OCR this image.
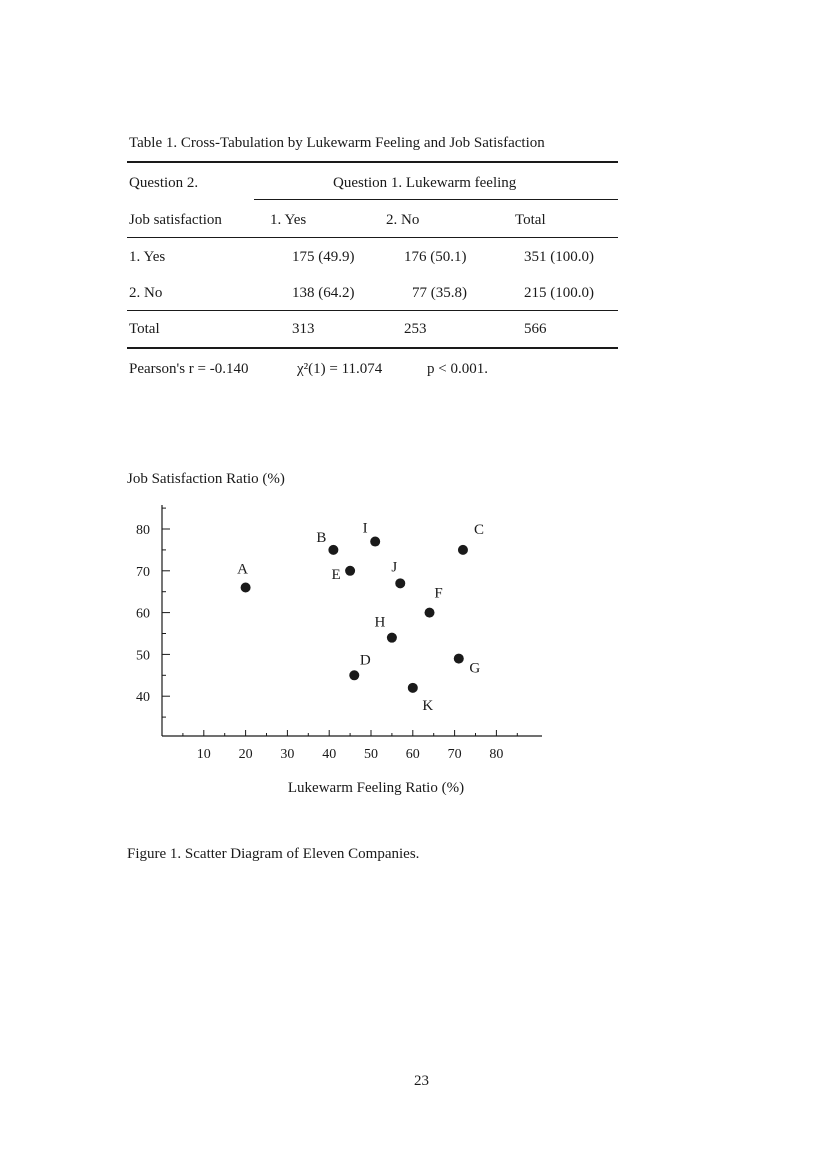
Table 1. Cross-Tabulation by Lukewarm Feeling and Job Satisfaction
Question 2.	Question 1. Lukewarm feeling
Job satisfaction	1. Yes	2. No	Total
1. Yes	175 (49.9)	176 (50.1)	351 (100.0)
2. No	138 (64.2)	77 (35.8)	215 (100.0)
Total	313	253	566
Pearson's r = -0.140	χ²(1) = 11.074	p < 0.001.
Job Satisfaction Ratio (%)
Lukewarm Feeling Ratio (%)
10 20 30 40 50 60 70 80
40
50
60
70
80
A
B	C
D
E
F
G
H
I
J
K
Figure 1. Scatter Diagram of Eleven Companies.
23
